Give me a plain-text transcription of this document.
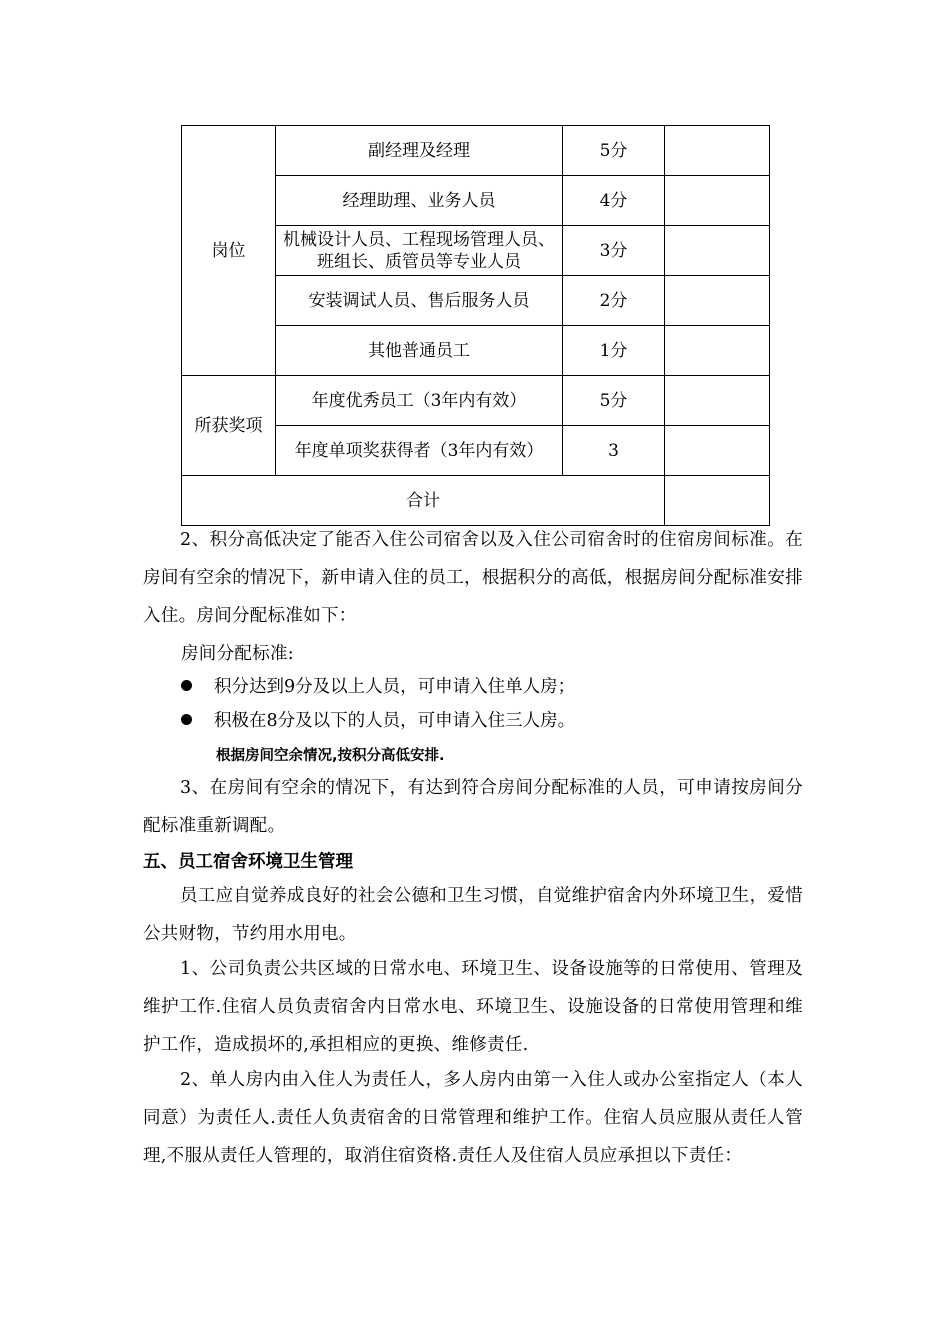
岗位	副经理及经理	5分	
	经理助理、业务人员	4分	
	机械设计人员、工程现场管理人员、班组长、质管员等专业人员	3分	
	安装调试人员、售后服务人员	2分	
	其他普通员工	1分	
所获奖项	年度优秀员工（3年内有效）	5分	
	年度单项奖获得者（3年内有效）	3	
合计			

2、积分高低决定了能否入住公司宿舍以及入住公司宿舍时的住宿房间标准。在房间有空余的情况下，新申请入住的员工，根据积分的高低，根据房间分配标准安排入住。房间分配标准如下：

房间分配标准:

积分达到9分及以上人员，可申请入住单人房；
积极在8分及以下的人员，可申请入住三人房。
根据房间空余情况,按积分高低安排.

3、在房间有空余的情况下，有达到符合房间分配标准的人员，可申请按房间分配标准重新调配。

五、员工宿舍环境卫生管理

员工应自觉养成良好的社会公德和卫生习惯，自觉维护宿舍内外环境卫生，爱惜公共财物，节约用水用电。

1、公司负责公共区域的日常水电、环境卫生、设备设施等的日常使用、管理及维护工作.住宿人员负责宿舍内日常水电、环境卫生、设施设备的日常使用管理和维护工作，造成损坏的,承担相应的更换、维修责任.

2、单人房内由入住人为责任人，多人房内由第一入住人或办公室指定人（本人同意）为责任人.责任人负责宿舍的日常管理和维护工作。住宿人员应服从责任人管理,不服从责任人管理的，取消住宿资格.责任人及住宿人员应承担以下责任：
